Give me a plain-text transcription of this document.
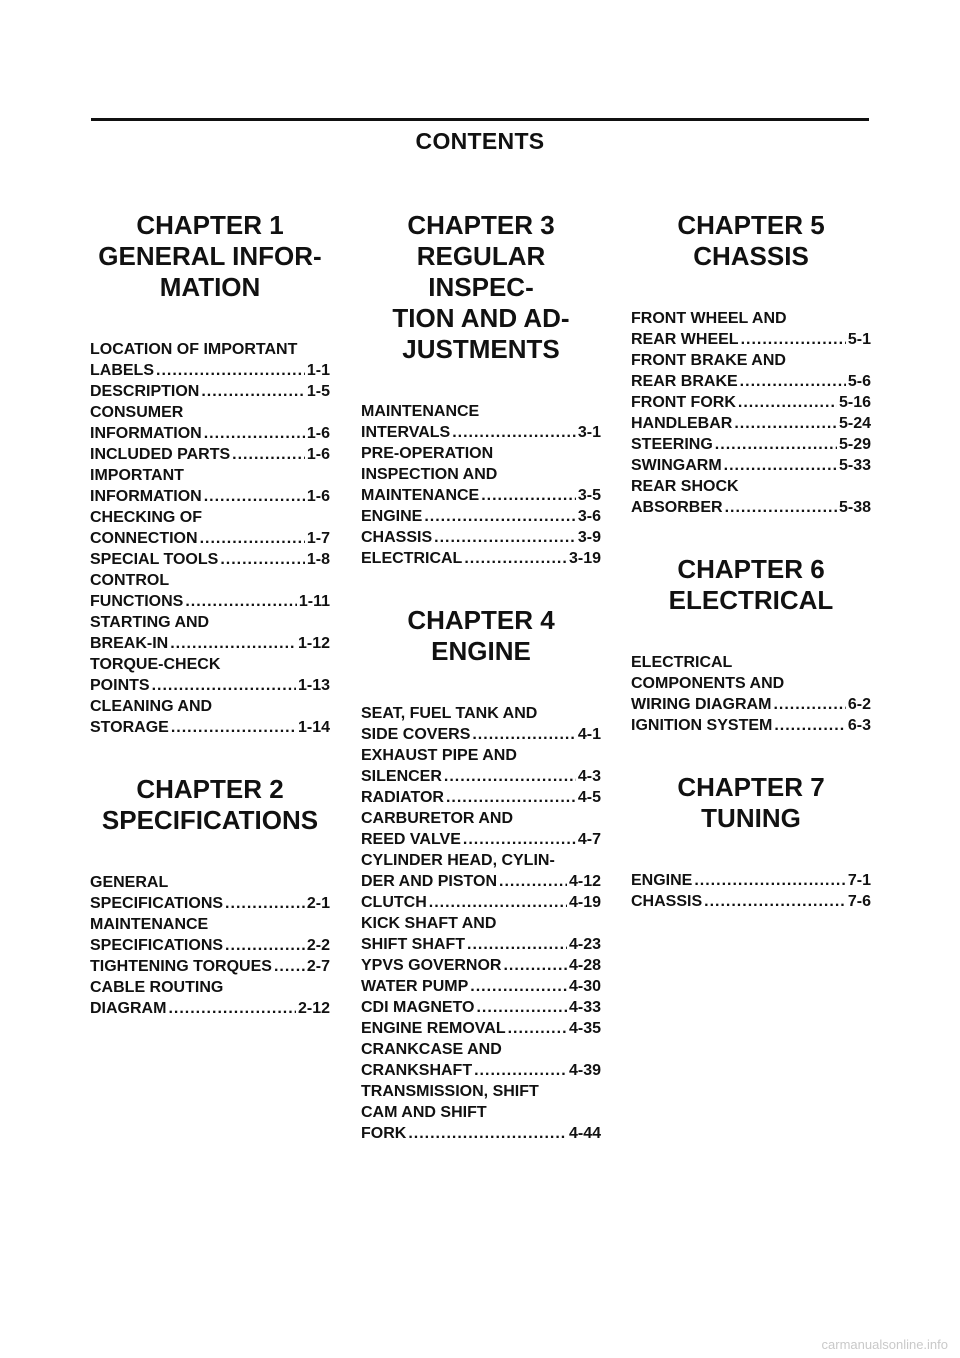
CONTENTS
CHAPTER 1
GENERAL INFOR-
MATION
LOCATION OF IMPORTANT
LABELS .....	1-1
DESCRIPTION .....	1-5
CONSUMER
INFORMATION .....	1-6
INCLUDED PARTS .....	1-6
IMPORTANT
INFORMATION .....	1-6
CHECKING OF
CONNECTION .....	1-7
SPECIAL TOOLS .....	1-8
CONTROL
FUNCTIONS .....	1-11
STARTING AND
BREAK-IN .....	1-12
TORQUE-CHECK
POINTS .....	1-13
CLEANING AND
STORAGE .....	1-14
CHAPTER 2
SPECIFICATIONS
GENERAL
SPECIFICATIONS .....	2-1
MAINTENANCE
SPECIFICATIONS .....	2-2
TIGHTENING TORQUES ..... 2-7
CABLE ROUTING
DIAGRAM .....	2-12
CHAPTER 3
REGULAR INSPEC-
TION AND AD-
JUSTMENTS
MAINTENANCE
INTERVALS .....	3-1
PRE-OPERATION
INSPECTION AND
MAINTENANCE .....	3-5
ENGINE .....	3-6
CHASSIS .....	3-9
ELECTRICAL .....	3-19
CHAPTER 4
ENGINE
SEAT, FUEL TANK AND
SIDE COVERS .....	4-1
EXHAUST PIPE AND
SILENCER .....	4-3
RADIATOR .....	4-5
CARBURETOR AND
REED VALVE .....	4-7
CYLINDER HEAD, CYLIN-
DER AND PISTON .....	4-12
CLUTCH .....	4-19
KICK SHAFT AND
SHIFT SHAFT .....	4-23
YPVS GOVERNOR .....	4-28
WATER PUMP .....	4-30
CDI MAGNETO .....	4-33
ENGINE REMOVAL .....	4-35
CRANKCASE AND
CRANKSHAFT .....	4-39
TRANSMISSION, SHIFT
CAM AND SHIFT
FORK .....	4-44
CHAPTER 5
CHASSIS
FRONT WHEEL AND
REAR WHEEL .....	5-1
FRONT BRAKE AND
REAR BRAKE .....	5-6
FRONT FORK .....	5-16
HANDLEBAR .....	5-24
STEERING .....	5-29
SWINGARM .....	5-33
REAR SHOCK
ABSORBER .....	5-38
CHAPTER 6
ELECTRICAL
ELECTRICAL
COMPONENTS AND
WIRING DIAGRAM .....	6-2
IGNITION SYSTEM .....	6-3
CHAPTER 7
TUNING
ENGINE .....	7-1
CHASSIS .....	7-6
carmanualsonline.info
